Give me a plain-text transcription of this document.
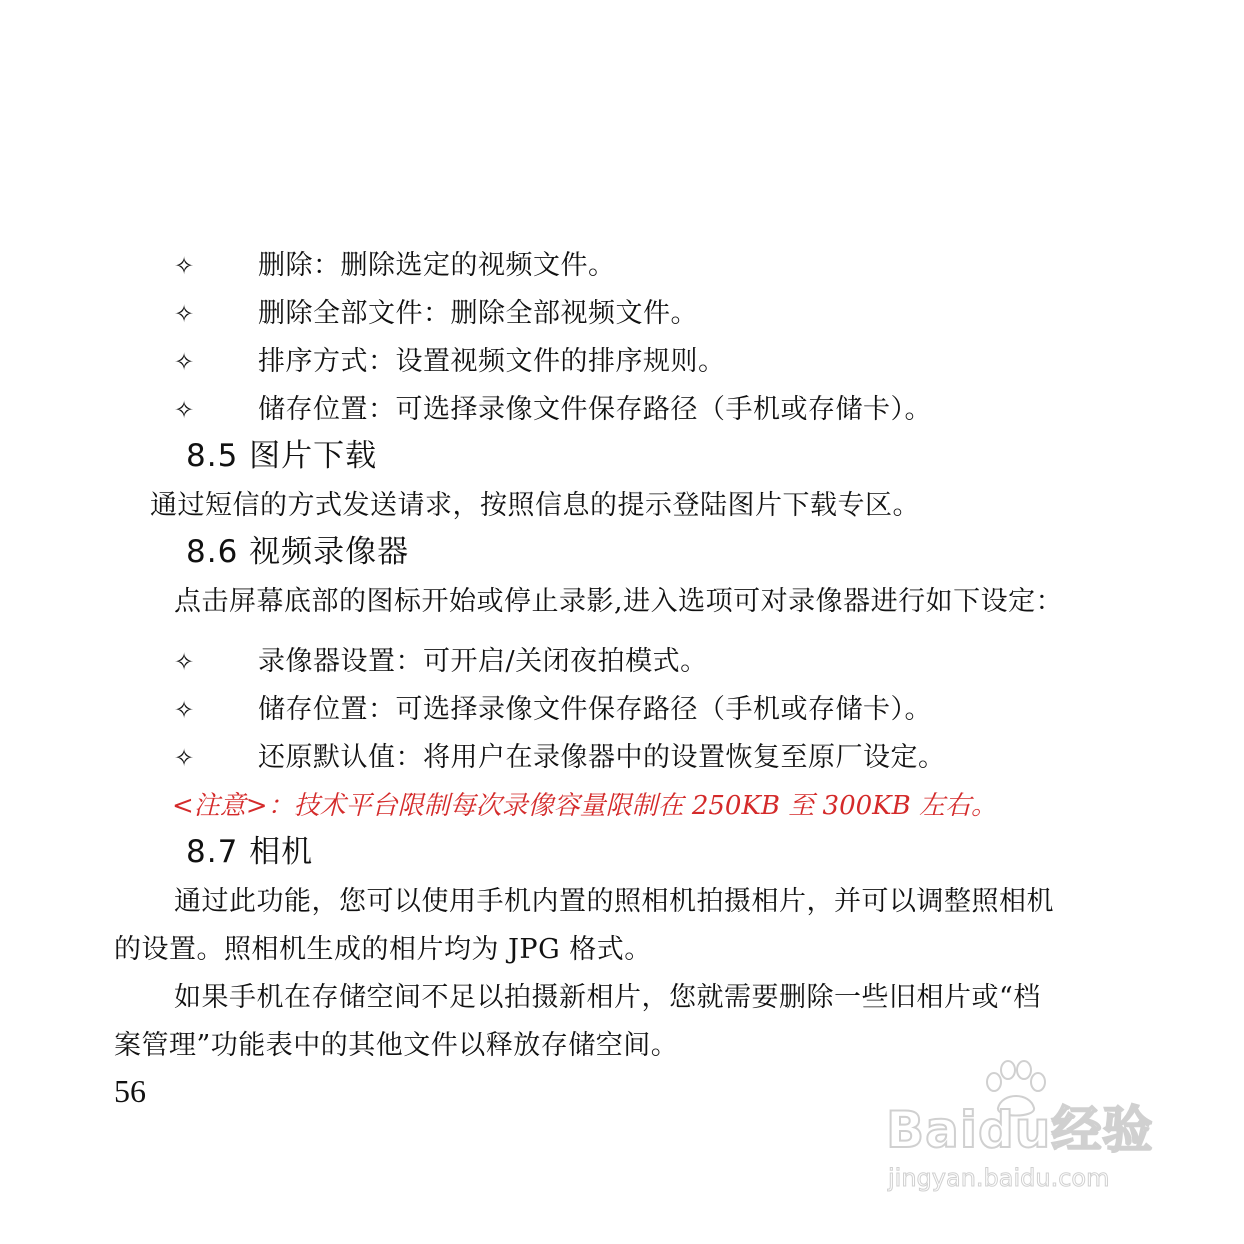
✧ 删除：删除选定的视频文件。
✧ 删除全部文件：删除全部视频文件。
✧ 排序方式：设置视频文件的排序规则。
✧ 储存位置：可选择录像文件保存路径（手机或存储卡）。
8.5 图片下载
通过短信的方式发送请求，按照信息的提示登陆图片下载专区。
8.6 视频录像器
点击屏幕底部的图标开始或停止录影,进入选项可对录像器进行如下设定：
✧ 录像器设置：可开启/关闭夜拍模式。
✧ 储存位置：可选择录像文件保存路径（手机或存储卡）。
✧ 还原默认值：将用户在录像器中的设置恢复至原厂设定。
<注意>：技术平台限制每次录像容量限制在 250KB 至 300KB 左右。
8.7 相机
通过此功能，您可以使用手机内置的照相机拍摄相片，并可以调整照相机
的设置。照相机生成的相片均为 JPG 格式。
如果手机在存储空间不足以拍摄新相片，您就需要删除一些旧相片或“档
案管理”功能表中的其他文件以释放存储空间。
56
Baidu经验
jingyan.baidu.com
